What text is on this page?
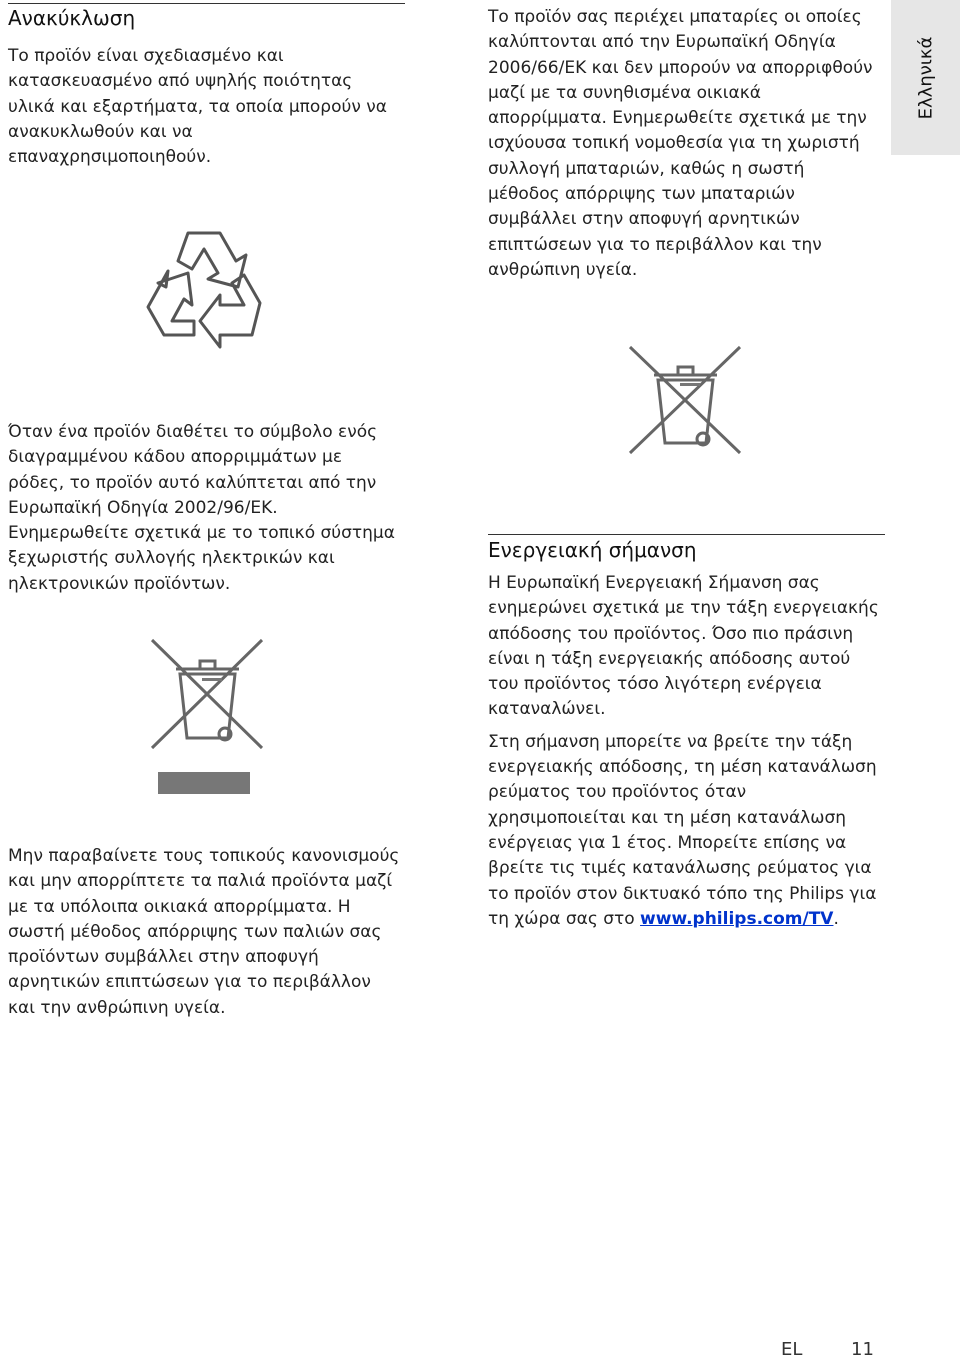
Ελληνικά
Ανακύκλωση

Το προϊόν είναι σχεδιασμένο και κατασκευασμένο από υψηλής ποιότητας υλικά και εξαρτήματα, τα οποία μπορούν να ανακυκλωθούν και να επαναχρησιμοποιηθούν.

Το προϊόν σας περιέχει μπαταρίες οι οποίες καλύπτονται από την Ευρωπαϊκή Οδηγία 2006/66/ΕΚ και δεν μπορούν να απορριφθούν μαζί με τα συνηθισμένα οικιακά απορρίμματα. Ενημερωθείτε σχετικά με την ισχύουσα τοπική νομοθεσία για τη χωριστή συλλογή μπαταριών, καθώς η σωστή μέθοδος απόρριψης των μπαταριών συμβάλλει στην αποφυγή αρνητικών επιπτώσεων για το περιβάλλον και την ανθρώπινη υγεία.

Όταν ένα προϊόν διαθέτει το σύμβολο ενός διαγραμμένου κάδου απορριμμάτων με ρόδες, το προϊόν αυτό καλύπτεται από την Ευρωπαϊκή Οδηγία 2002/96/ΕΚ. Ενημερωθείτε σχετικά με το τοπικό σύστημα ξεχωριστής συλλογής ηλεκτρικών και ηλεκτρονικών προϊόντων.

Μην παραβαίνετε τους τοπικούς κανονισμούς και μην απορρίπτετε τα παλιά προϊόντα μαζί με τα υπόλοιπα οικιακά απορρίμματα. Η σωστή μέθοδος απόρριψης των παλιών σας προϊόντων συμβάλλει στην αποφυγή αρνητικών επιπτώσεων για το περιβάλλον και την ανθρώπινη υγεία.

Ενεργειακή σήμανση

Η Ευρωπαϊκή Ενεργειακή Σήμανση σας ενημερώνει σχετικά με την τάξη ενεργειακής απόδοσης του προϊόντος. Όσο πιο πράσινη είναι η τάξη ενεργειακής απόδοσης αυτού του προϊόντος τόσο λιγότερη ενέργεια καταναλώνει.

Στη σήμανση μπορείτε να βρείτε την τάξη ενεργειακής απόδοσης, τη μέση κατανάλωση ρεύματος του προϊόντος όταν χρησιμοποιείται και τη μέση κατανάλωση ενέργειας για 1 έτος. Μπορείτε επίσης να βρείτε τις τιμές κατανάλωσης ρεύματος για το προϊόν στον δικτυακό τόπο της Philips για τη χώρα σας στο www.philips.com/TV.

EL	11
